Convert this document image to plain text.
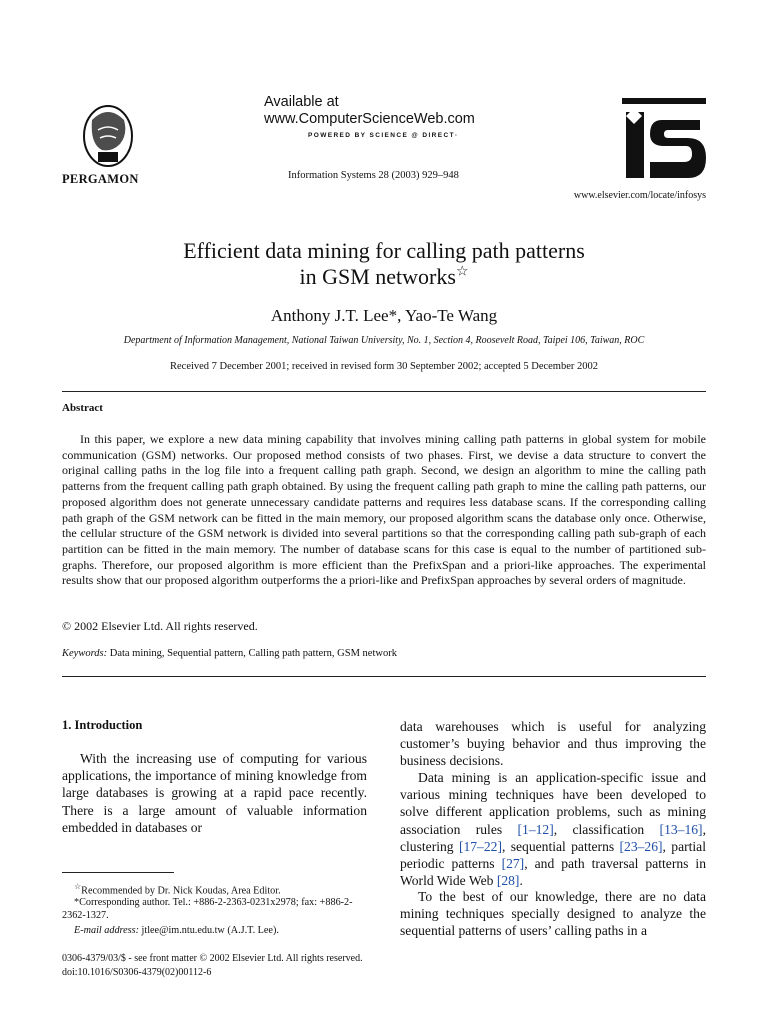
PERGAMON
Available at
www.ComputerScienceWeb.com
POWERED BY SCIENCE @ DIRECT·
Information Systems 28 (2003) 929–948
www.elsevier.com/locate/infosys
Efficient data mining for calling path patterns
in GSM networks☆
Anthony J.T. Lee*, Yao-Te Wang
Department of Information Management, National Taiwan University, No. 1, Section 4, Roosevelt Road, Taipei 106, Taiwan, ROC
Received 7 December 2001; received in revised form 30 September 2002; accepted 5 December 2002
Abstract

In this paper, we explore a new data mining capability that involves mining calling path patterns in global system for mobile communication (GSM) networks. Our proposed method consists of two phases. First, we devise a data structure to convert the original calling paths in the log file into a frequent calling path graph. Second, we design an algorithm to mine the calling path patterns from the frequent calling path graph obtained. By using the frequent calling path graph to mine the calling path patterns, our proposed algorithm does not generate unnecessary candidate patterns and requires less database scans. If the corresponding calling path graph of the GSM network can be fitted in the main memory, our proposed algorithm scans the database only once. Otherwise, the cellular structure of the GSM network is divided into several partitions so that the corresponding calling path sub-graph of each partition can be fitted in the main memory. The number of database scans for this case is equal to the number of partitioned sub-graphs. Therefore, our proposed algorithm is more efficient than the PrefixSpan and a priori-like approaches. The experimental results show that our proposed algorithm outperforms the a priori-like and PrefixSpan approaches by several orders of magnitude.

© 2002 Elsevier Ltd. All rights reserved.
Keywords: Data mining, Sequential pattern, Calling path pattern, GSM network
1. Introduction

With the increasing use of computing for various applications, the importance of mining knowledge from large databases is growing at a rapid pace recently. There is a large amount of valuable information embedded in databases or

data warehouses which is useful for analyzing customer’s buying behavior and thus improving the business decisions.

Data mining is an application-specific issue and various mining techniques have been developed to solve different application problems, such as mining association rules [1–12], classification [13–16], clustering [17–22], sequential patterns [23–26], partial periodic patterns [27], and path traversal patterns in World Wide Web [28].

To the best of our knowledge, there are no data mining techniques specially designed to analyze the sequential patterns of users’ calling paths in a

☆Recommended by Dr. Nick Koudas, Area Editor.
*Corresponding author. Tel.: +886-2-2363-0231x2978; fax: +886-2-2362-1327.
E-mail address: jtlee@im.ntu.edu.tw (A.J.T. Lee).
0306-4379/03/$ - see front matter © 2002 Elsevier Ltd. All rights reserved.
doi:10.1016/S0306-4379(02)00112-6
